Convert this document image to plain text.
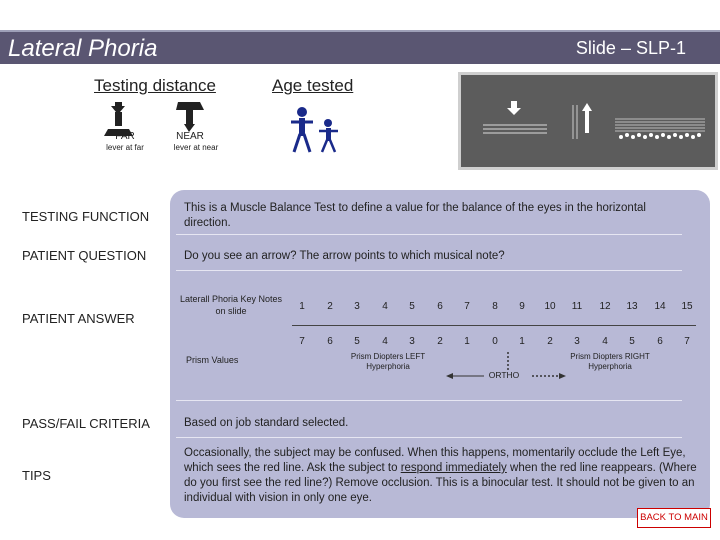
Lateral Phoria	Slide – SLP-1
Testing distance	Age tested
FAR
lever at far
NEAR
lever at near
TESTING FUNCTION
This is a Muscle Balance Test to define a value for the balance of the eyes in the horizontal direction.
PATIENT QUESTION	Do you see an arrow? The arrow points to which musical note?
PATIENT ANSWER
Laterall Phoria Key Notes on slide
Prism Values
1	2	3	4	5	6	7	8	9	10	11	12	13	14	15
7	6	5	4	3	2	1	0	1	2	3	4	5	6	7
Prism Diopters LEFT Hyperphoria
ORTHO
Prism Diopters RIGHT Hyperphoria
PASS/FAIL CRITERIA	Based on job standard selected.
TIPS
Occasionally, the subject may be confused. When this happens, momentarily occlude the Left Eye, which sees the red line. Ask the subject to respond immediately when the red line reappears. (Where do you first see the red line?) Remove occlusion. This is a binocular test. It should not be given to an individual with vision in only one eye.
BACK TO MAIN
